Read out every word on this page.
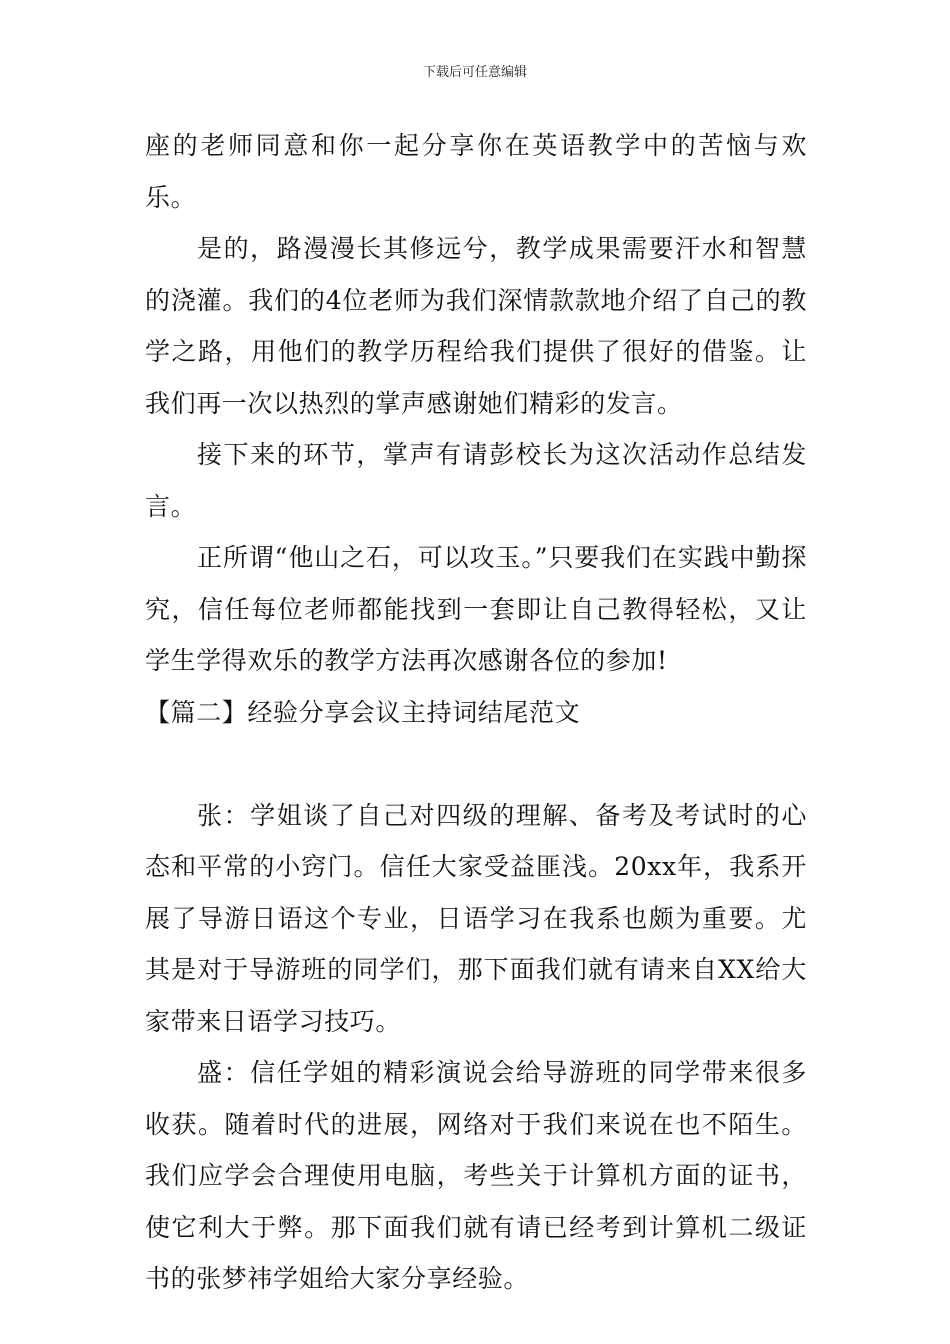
下载后可任意编辑

座的老师同意和你一起分享你在英语教学中的苦恼与欢乐。

是的，路漫漫长其修远兮，教学成果需要汗水和智慧的浇灌。我们的4位老师为我们深情款款地介绍了自己的教学之路，用他们的教学历程给我们提供了很好的借鉴。让我们再一次以热烈的掌声感谢她们精彩的发言。

接下来的环节，掌声有请彭校长为这次活动作总结发言。

正所谓“他山之石，可以攻玉。”只要我们在实践中勤探究，信任每位老师都能找到一套即让自己教得轻松，又让学生学得欢乐的教学方法再次感谢各位的参加!

【篇二】经验分享会议主持词结尾范文

张：学姐谈了自己对四级的理解、备考及考试时的心态和平常的小窍门。信任大家受益匪浅。20xx年，我系开展了导游日语这个专业，日语学习在我系也颇为重要。尤其是对于导游班的同学们，那下面我们就有请来自XX给大家带来日语学习技巧。

盛：信任学姐的精彩演说会给导游班的同学带来很多收获。随着时代的进展，网络对于我们来说在也不陌生。我们应学会合理使用电脑，考些关于计算机方面的证书，使它利大于弊。那下面我们就有请已经考到计算机二级证书的张梦祎学姐给大家分享经验。
